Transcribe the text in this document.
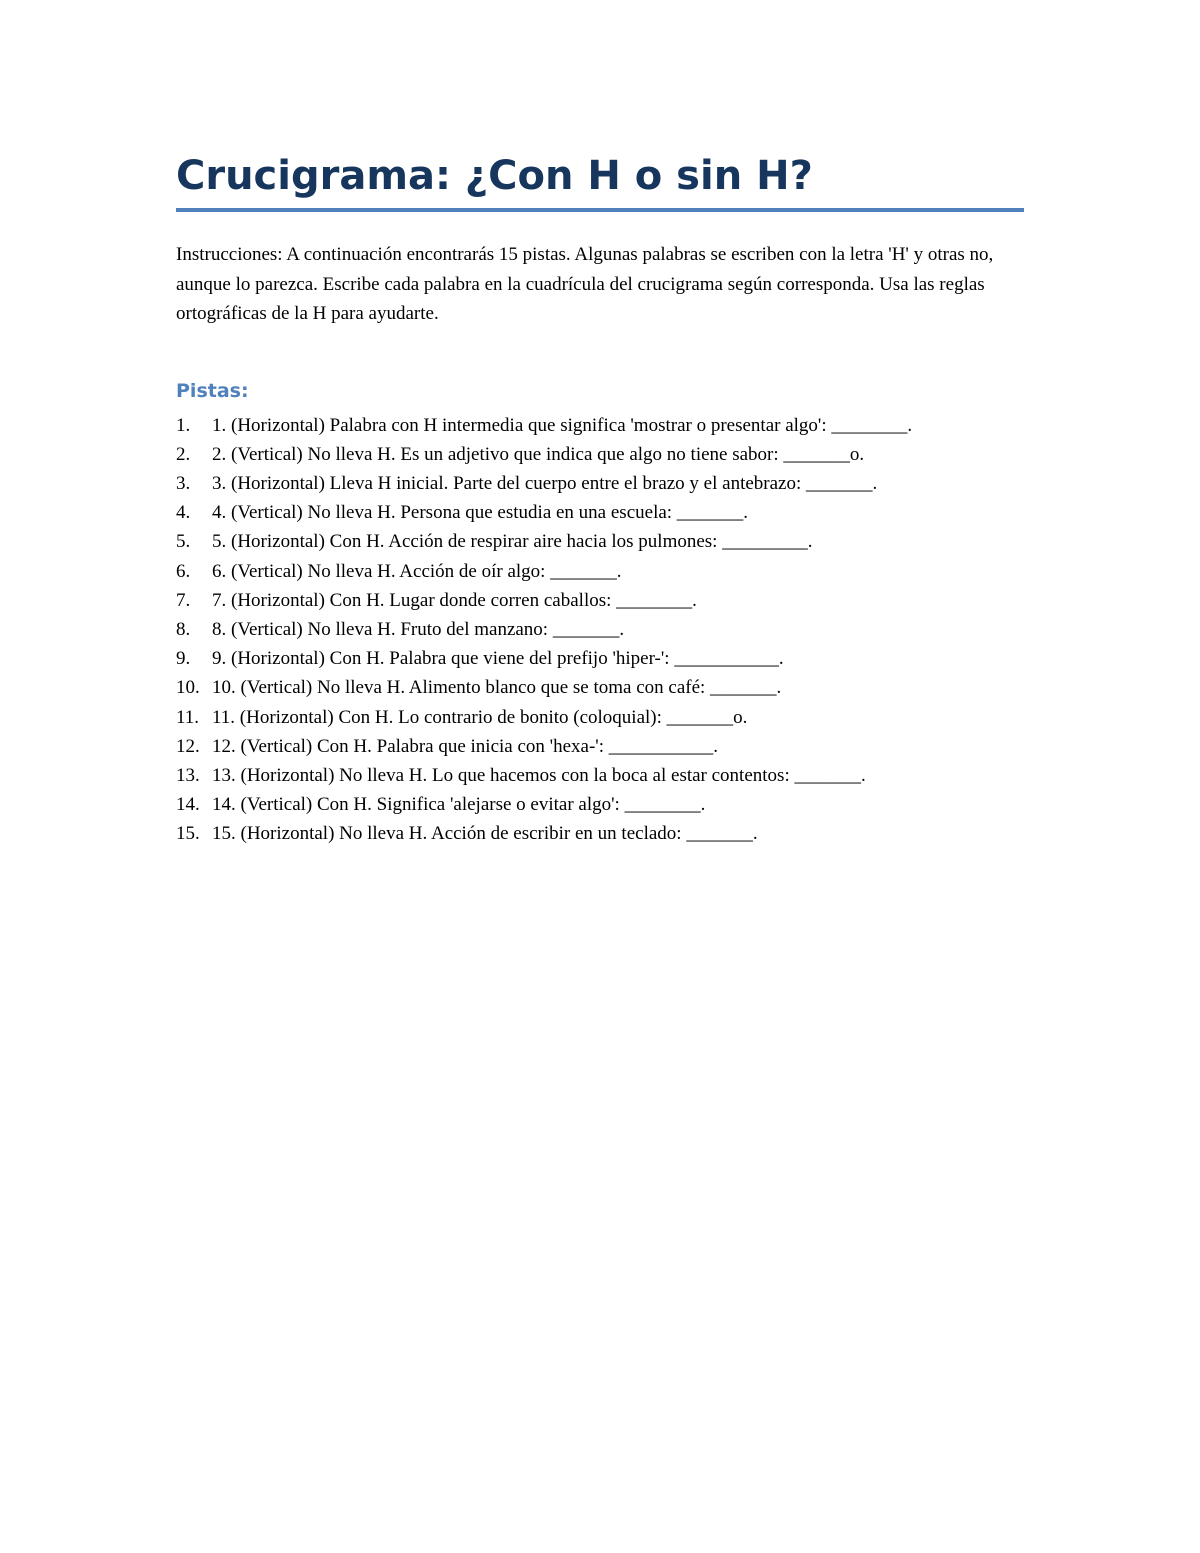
Crucigrama: ¿Con H o sin H?

Instrucciones: A continuación encontrarás 15 pistas. Algunas palabras se escriben con la letra 'H' y otras no, aunque lo parezca. Escribe cada palabra en la cuadrícula del crucigrama según corresponda. Usa las reglas ortográficas de la H para ayudarte.

Pistas:
1.	1. (Horizontal) Palabra con H intermedia que significa 'mostrar o presentar algo': ________.
2.	2. (Vertical) No lleva H. Es un adjetivo que indica que algo no tiene sabor: _______o.
3.	3. (Horizontal) Lleva H inicial. Parte del cuerpo entre el brazo y el antebrazo: _______.
4.	4. (Vertical) No lleva H. Persona que estudia en una escuela: _______.
5.	5. (Horizontal) Con H. Acción de respirar aire hacia los pulmones: _________.
6.	6. (Vertical) No lleva H. Acción de oír algo: _______.
7.	7. (Horizontal) Con H. Lugar donde corren caballos: ________.
8.	8. (Vertical) No lleva H. Fruto del manzano: _______.
9.	9. (Horizontal) Con H. Palabra que viene del prefijo 'hiper-': ___________.
10. 10. (Vertical) No lleva H. Alimento blanco que se toma con café: _______.
11. 11. (Horizontal) Con H. Lo contrario de bonito (coloquial): _______o.
12. 12. (Vertical) Con H. Palabra que inicia con 'hexa-': ___________.
13. 13. (Horizontal) No lleva H. Lo que hacemos con la boca al estar contentos: _______.
14. 14. (Vertical) Con H. Significa 'alejarse o evitar algo': ________.
15. 15. (Horizontal) No lleva H. Acción de escribir en un teclado: _______.
